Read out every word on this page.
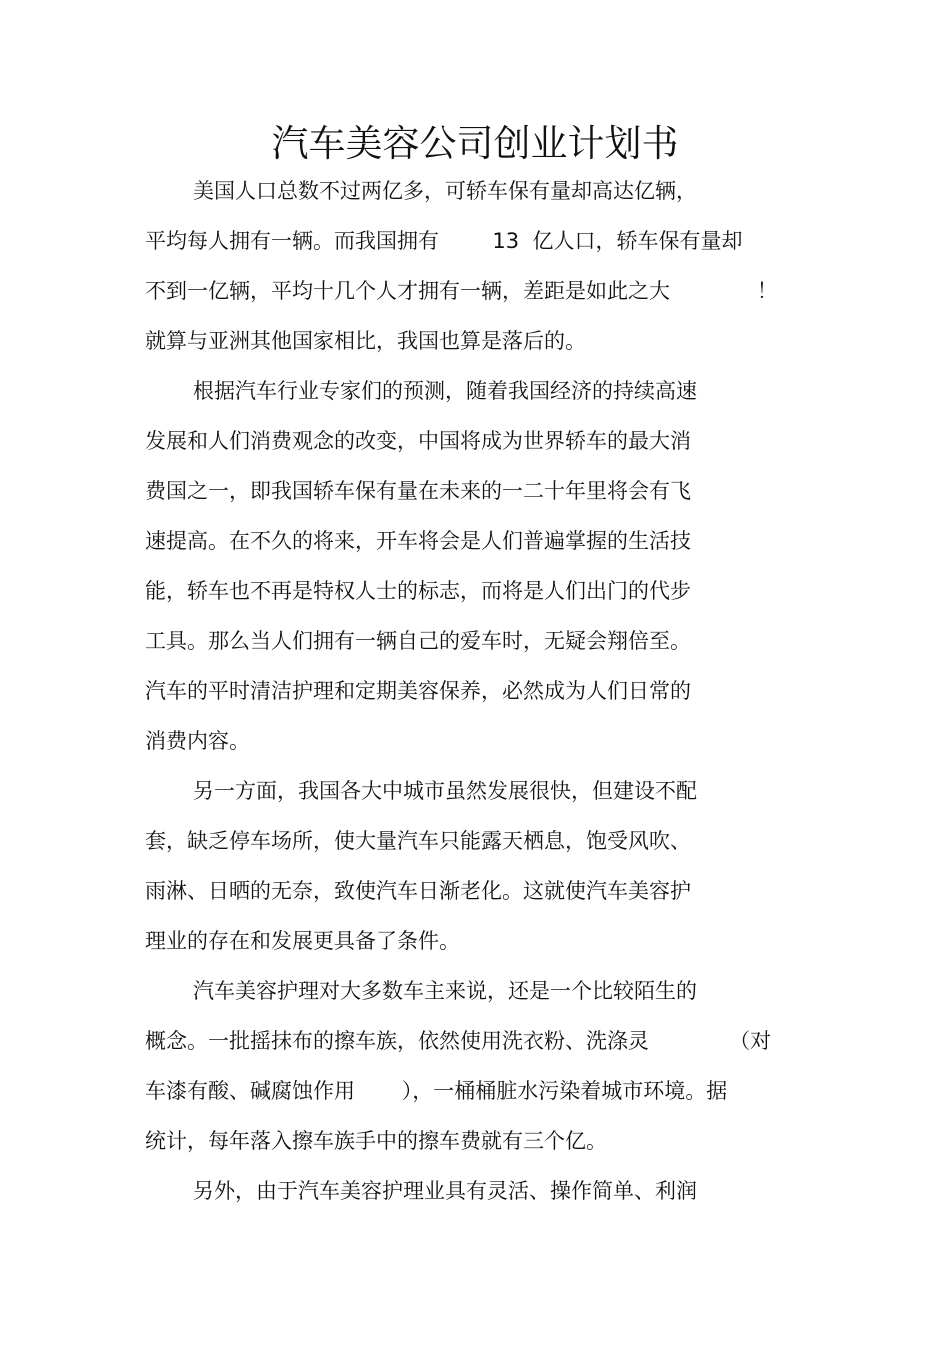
汽车美容公司创业计划书
美国人口总数不过两亿多，可轿车保有量却高达亿辆，
平均每人拥有一辆。而我国拥有        13  亿人口，轿车保有量却
不到一亿辆，平均十几个人才拥有一辆，差距是如此之大             ！
就算与亚洲其他国家相比，我国也算是落后的。
根据汽车行业专家们的预测，随着我国经济的持续高速
发展和人们消费观念的改变，中国将成为世界轿车的最大消
费国之一，即我国轿车保有量在未来的一二十年里将会有飞
速提高。在不久的将来，开车将会是人们普遍掌握的生活技
能，轿车也不再是特权人士的标志，而将是人们出门的代步
工具。那么当人们拥有一辆自己的爱车时，无疑会翔倍至。
汽车的平时清洁护理和定期美容保养，必然成为人们日常的
消费内容。
另一方面，我国各大中城市虽然发展很快，但建设不配
套，缺乏停车场所，使大量汽车只能露天栖息，饱受风吹、
雨淋、日晒的无奈，致使汽车日渐老化。这就使汽车美容护
理业的存在和发展更具备了条件。
汽车美容护理对大多数车主来说，还是一个比较陌生的
概念。一批摇抹布的擦车族，依然使用洗衣粉、洗涤灵            （对
车漆有酸、碱腐蚀作用       ），一桶桶脏水污染着城市环境。据
统计，每年落入擦车族手中的擦车费就有三个亿。
另外，由于汽车美容护理业具有灵活、操作简单、利润
